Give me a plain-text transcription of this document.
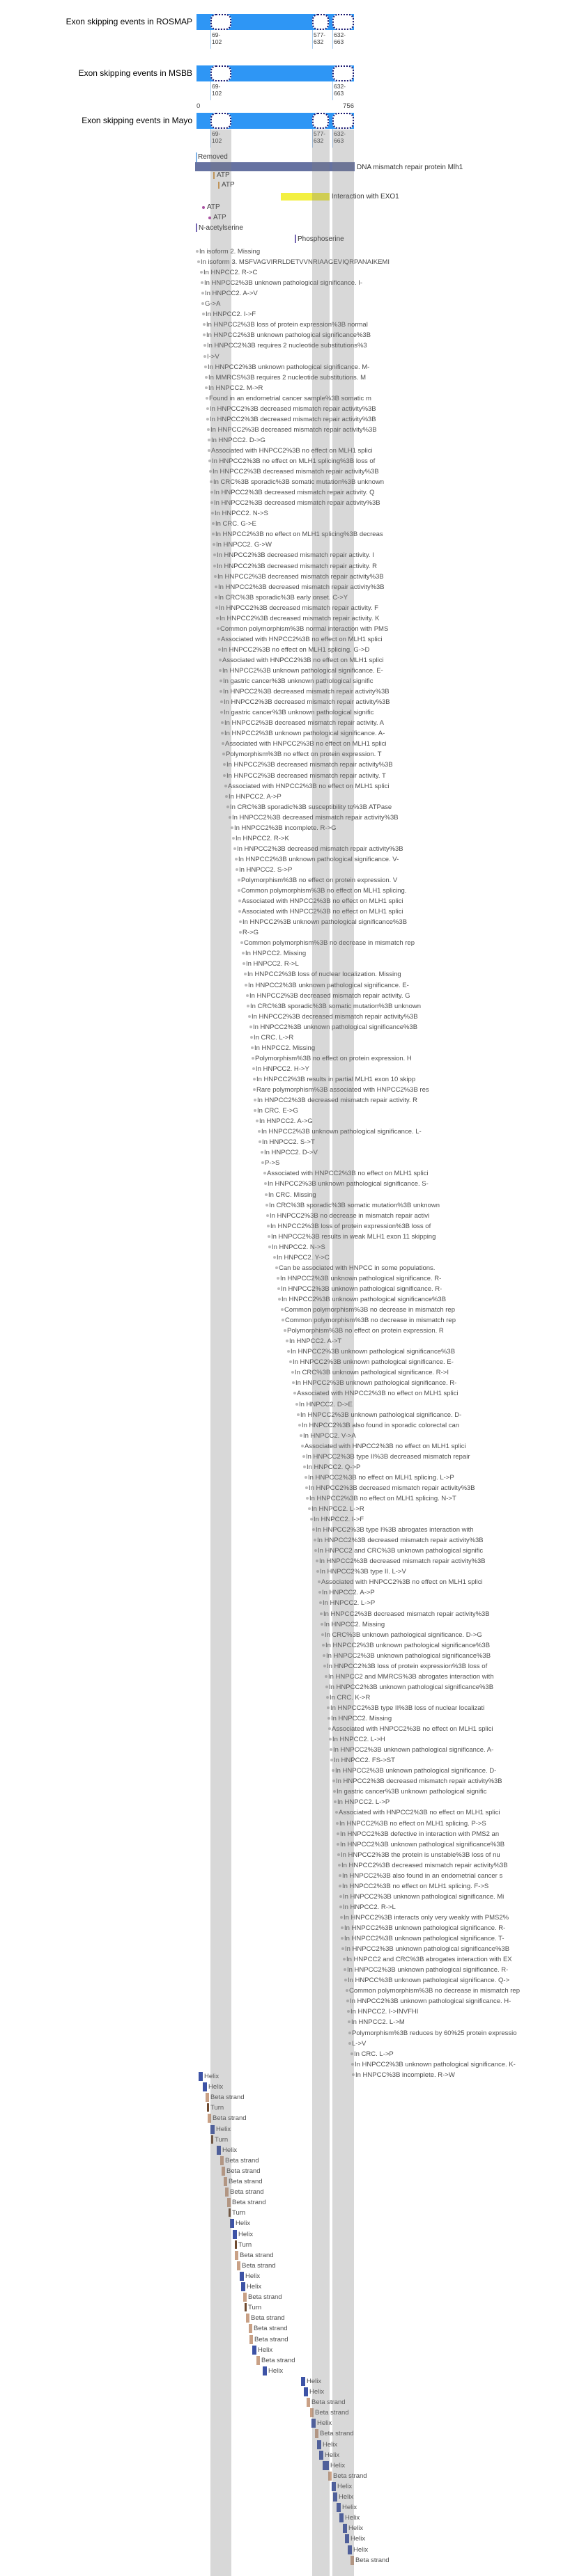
Exon skipping events in ROSMAP
69-
102
577-
632
632-
663
Exon skipping events in MSBB
69-
102
632-
663
Exon skipping events in Mayo
0	756
69-
102
577-
632
632-
663
Removed
DNA mismatch repair protein Mlh1
ATP
ATP
Interaction with EXO1
ATP
ATP
N-acetylserine
Phosphoserine
In isoform 2. Missing
In isoform 3. MSFVAGVIRRLDETVVNRIAAGEVIQRPANAIKEMI
In HNPCC2. R->C
In HNPCC2%3B unknown pathological significance. I-
In HNPCC2. A->V
G->A
In HNPCC2. I->F
In HNPCC2%3B loss of protein expression%3B normal
In HNPCC2%3B unknown pathological significance%3B
In HNPCC2%3B requires 2 nucleotide substitutions%3
I->V
In HNPCC2%3B unknown pathological significance. M-
In MMRCS%3B requires 2 nucleotide substitutions. M
In HNPCC2. M->R
Found in an endometrial cancer sample%3B somatic m
In HNPCC2%3B decreased mismatch repair activity%3B
In HNPCC2%3B decreased mismatch repair activity%3B
In HNPCC2%3B decreased mismatch repair activity%3B
In HNPCC2. D->G
Associated with HNPCC2%3B no effect on MLH1 splici
In HNPCC2%3B no effect on MLH1 splicing%3B loss of
In HNPCC2%3B decreased mismatch repair activity%3B
In CRC%3B sporadic%3B somatic mutation%3B unknown
In HNPCC2%3B decreased mismatch repair activity. Q
In HNPCC2%3B decreased mismatch repair activity%3B
In HNPCC2. N->S
In CRC. G->E
In HNPCC2%3B no effect on MLH1 splicing%3B decreas
In HNPCC2. G->W
In HNPCC2%3B decreased mismatch repair activity. I
In HNPCC2%3B decreased mismatch repair activity. R
In HNPCC2%3B decreased mismatch repair activity%3B
In HNPCC2%3B decreased mismatch repair activity%3B
In CRC%3B sporadic%3B early onset. C->Y
In HNPCC2%3B decreased mismatch repair activity. F
In HNPCC2%3B decreased mismatch repair activity. K
Common polymorphism%3B normal interaction with PMS
Associated with HNPCC2%3B no effect on MLH1 splici
In HNPCC2%3B no effect on MLH1 splicing. G->D
Associated with HNPCC2%3B no effect on MLH1 splici
In HNPCC2%3B unknown pathological significance. E-
In gastric cancer%3B unknown pathological signific
In HNPCC2%3B decreased mismatch repair activity%3B
In HNPCC2%3B decreased mismatch repair activity%3B
In gastric cancer%3B unknown pathological signific
In HNPCC2%3B decreased mismatch repair activity. A
In HNPCC2%3B unknown pathological significance. A-
Associated with HNPCC2%3B no effect on MLH1 splici
Polymorphism%3B no effect on protein expression. T
In HNPCC2%3B decreased mismatch repair activity%3B
In HNPCC2%3B decreased mismatch repair activity. T
Associated with HNPCC2%3B no effect on MLH1 splici
In HNPCC2. A->P
In CRC%3B sporadic%3B susceptibility to%3B ATPase
In HNPCC2%3B decreased mismatch repair activity%3B
In HNPCC2%3B incomplete. R->G
In HNPCC2. R->K
In HNPCC2%3B decreased mismatch repair activity%3B
In HNPCC2%3B unknown pathological significance. V-
In HNPCC2. S->P
Polymorphism%3B no effect on protein expression. V
Common polymorphism%3B no effect on MLH1 splicing.
Associated with HNPCC2%3B no effect on MLH1 splici
Associated with HNPCC2%3B no effect on MLH1 splici
In HNPCC2%3B unknown pathological significance%3B
R->G
Common polymorphism%3B no decrease in mismatch rep
In HNPCC2. Missing
In HNPCC2. R->L
In HNPCC2%3B loss of nuclear localization. Missing
In HNPCC2%3B unknown pathological significance. E-
In HNPCC2%3B decreased mismatch repair activity. G
In CRC%3B sporadic%3B somatic mutation%3B unknown
In HNPCC2%3B decreased mismatch repair activity%3B
In HNPCC2%3B unknown pathological significance%3B
In CRC. L->R
In HNPCC2. Missing
Polymorphism%3B no effect on protein expression. H
In HNPCC2. H->Y
In HNPCC2%3B results in partial MLH1 exon 10 skipp
Rare polymorphism%3B associated with HNPCC2%3B res
In HNPCC2%3B decreased mismatch repair activity. R
In CRC. E->G
In HNPCC2. A->G
In HNPCC2%3B unknown pathological significance. L-
In HNPCC2. S->T
In HNPCC2. D->V
P->S
Associated with HNPCC2%3B no effect on MLH1 splici
In HNPCC2%3B unknown pathological significance. S-
In CRC. Missing
In CRC%3B sporadic%3B somatic mutation%3B unknown
In HNPCC2%3B no decrease in mismatch repair activi
In HNPCC2%3B loss of protein expression%3B loss of
In HNPCC2%3B results in weak MLH1 exon 11 skipping
In HNPCC2. N->S
In HNPCC2. Y->C
Can be associated with HNPCC in some populations.
In HNPCC2%3B unknown pathological significance. R-
In HNPCC2%3B unknown pathological significance. R-
In HNPCC2%3B unknown pathological significance%3B
Common polymorphism%3B no decrease in mismatch rep
Common polymorphism%3B no decrease in mismatch rep
Polymorphism%3B no effect on protein expression. R
In HNPCC2. A->T
In HNPCC2%3B unknown pathological significance%3B
In HNPCC2%3B unknown pathological significance. E-
In CRC%3B unknown pathological significance. R->I
In HNPCC2%3B unknown pathological significance. R-
Associated with HNPCC2%3B no effect on MLH1 splici
In HNPCC2. D->E
In HNPCC2%3B unknown pathological significance. D-
In HNPCC2%3B also found in sporadic colorectal can
In HNPCC2. V->A
Associated with HNPCC2%3B no effect on MLH1 splici
In HNPCC2%3B type II%3B decreased mismatch repair
In HNPCC2. Q->P
In HNPCC2%3B no effect on MLH1 splicing. L->P
In HNPCC2%3B decreased mismatch repair activity%3B
In HNPCC2%3B no effect on MLH1 splicing. N->T
In HNPCC2. L->R
In HNPCC2. I->F
In HNPCC2%3B type I%3B abrogates interaction with
In HNPCC2%3B decreased mismatch repair activity%3B
In HNPCC2 and CRC%3B unknown pathological signific
In HNPCC2%3B decreased mismatch repair activity%3B
In HNPCC2%3B type II. L->V
Associated with HNPCC2%3B no effect on MLH1 splici
In HNPCC2. A->P
In HNPCC2. L->P
In HNPCC2%3B decreased mismatch repair activity%3B
In HNPCC2. Missing
In CRC%3B unknown pathological significance. D->G
In HNPCC2%3B unknown pathological significance%3B
In HNPCC2%3B unknown pathological significance%3B
In HNPCC2%3B loss of protein expression%3B loss of
In HNPCC2 and MMRCS%3B abrogates interaction with
In HNPCC2%3B unknown pathological significance%3B
In CRC. K->R
In HNPCC2%3B type II%3B loss of nuclear localizati
In HNPCC2. Missing
Associated with HNPCC2%3B no effect on MLH1 splici
In HNPCC2. L->H
In HNPCC2%3B unknown pathological significance. A-
In HNPCC2. FS->ST
In HNPCC2%3B unknown pathological significance. D-
In HNPCC2%3B decreased mismatch repair activity%3B
In gastric cancer%3B unknown pathological signific
In HNPCC2. L->P
Associated with HNPCC2%3B no effect on MLH1 splici
In HNPCC2%3B no effect on MLH1 splicing. P->S
In HNPCC2%3B defective in interaction with PMS2 an
In HNPCC2%3B unknown pathological significance%3B
In HNPCC2%3B the protein is unstable%3B loss of nu
In HNPCC2%3B decreased mismatch repair activity%3B
In HNPCC2%3B also found in an endometrial cancer s
In HNPCC2%3B no effect on MLH1 splicing. F->S
In HNPCC2%3B unknown pathological significance. Mi
In HNPCC2. R->L
In HNPCC2%3B interacts only very weakly with PMS2%
In HNPCC2%3B unknown pathological significance. R-
In HNPCC2%3B unknown pathological significance. T-
In HNPCC2%3B unknown pathological significance%3B
In HNPCC2 and CRC%3B abrogates interaction with EX
In HNPCC2%3B unknown pathological significance. R-
In HNPCC%3B unknown pathological significance. Q->
Common polymorphism%3B no decrease in mismatch rep
In HNPCC2%3B unknown pathological significance. H-
In HNPCC2. I->INVFHI
In HNPCC2. L->M
Polymorphism%3B reduces by 60%25 protein expressio
L->V
In CRC. L->P
In HNPCC2%3B unknown pathological significance. K-
In HNPCC%3B incomplete. R->W
Helix
Helix
Beta strand
Turn
Beta strand
Helix
Turn
Helix
Beta strand
Beta strand
Beta strand
Beta strand
Beta strand
Turn
Helix
Helix
Turn
Beta strand
Beta strand
Helix
Helix
Beta strand
Turn
Beta strand
Beta strand
Beta strand
Helix
Beta strand
Helix
Helix
Helix
Beta strand
Beta strand
Helix
Beta strand
Helix
Helix
Helix
Beta strand
Helix
Helix
Helix
Helix
Helix
Helix
Helix
Beta strand
